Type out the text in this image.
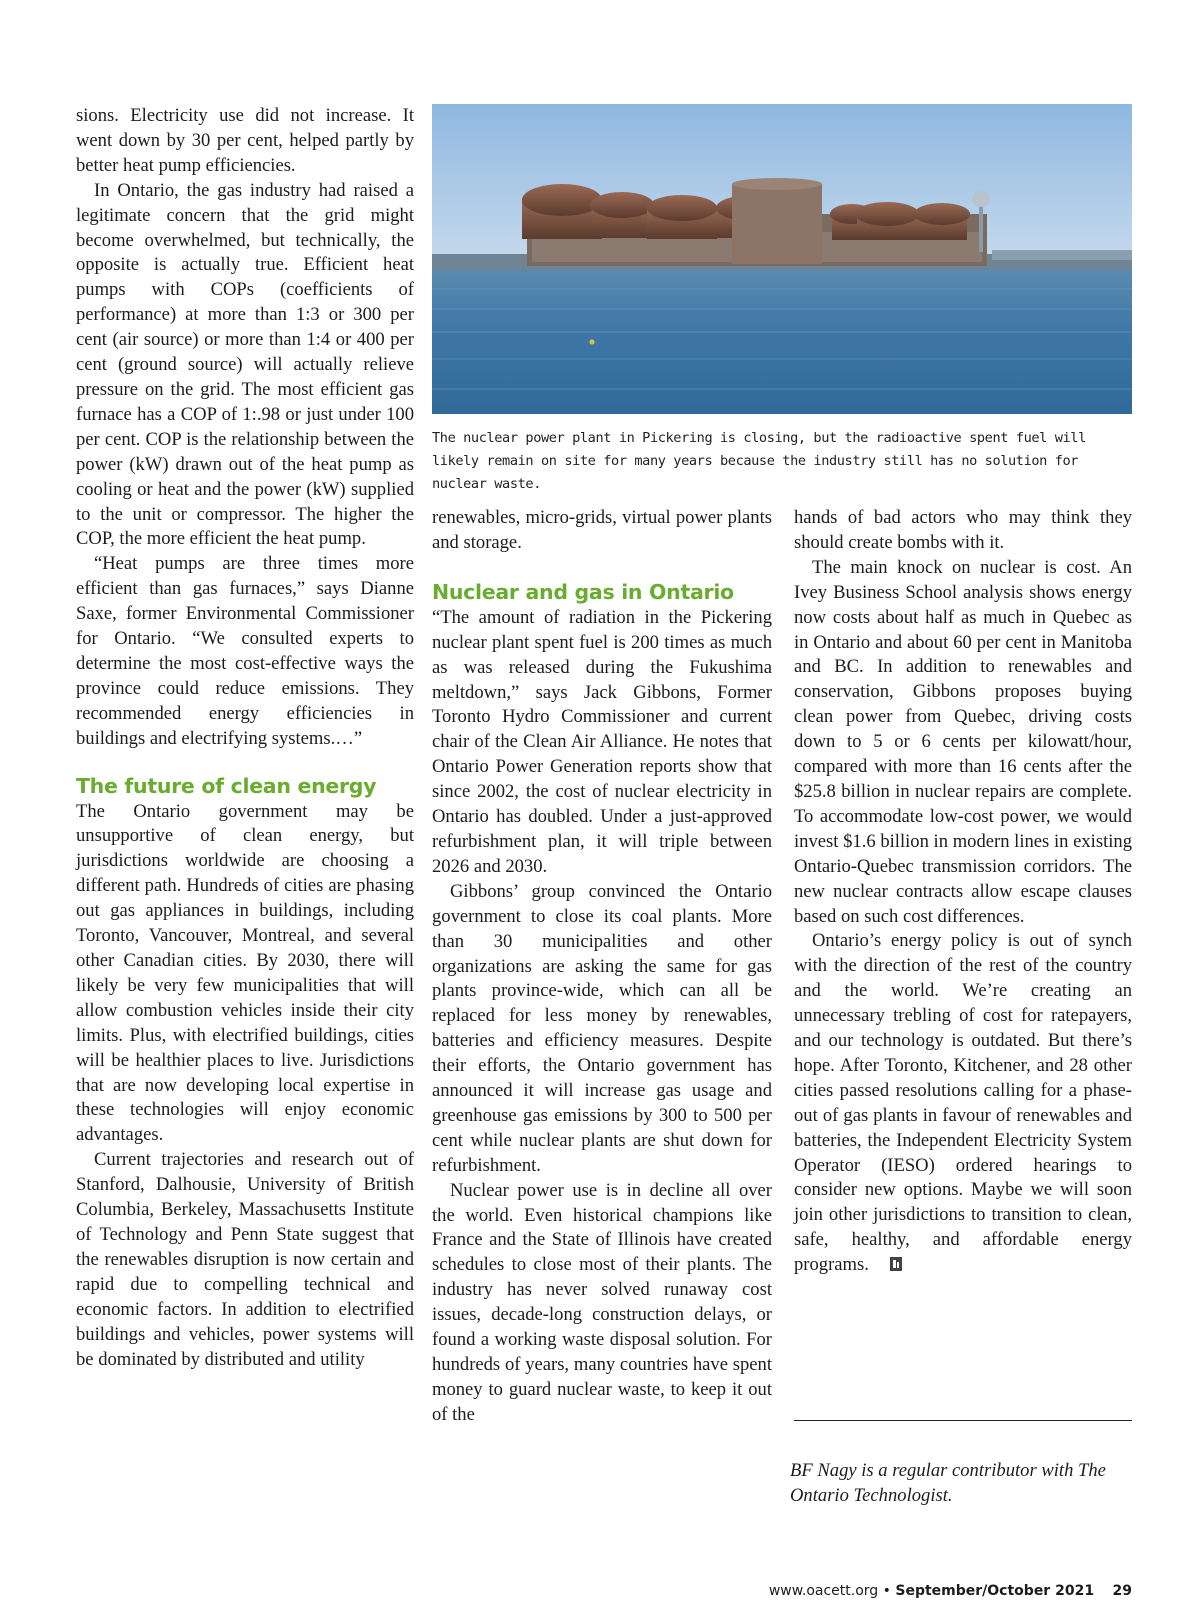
sions. Electricity use did not increase. It went down by 30 per cent, helped partly by better heat pump efficiencies.

In Ontario, the gas industry had raised a legitimate concern that the grid might become overwhelmed, but technically, the opposite is actually true. Efficient heat pumps with COPs (coefficients of performance) at more than 1:3 or 300 per cent (air source) or more than 1:4 or 400 per cent (ground source) will actually relieve pressure on the grid. The most efficient gas furnace has a COP of 1:.98 or just under 100 per cent. COP is the relationship between the power (kW) drawn out of the heat pump as cooling or heat and the power (kW) supplied to the unit or compressor. The higher the COP, the more efficient the heat pump.

“Heat pumps are three times more efficient than gas furnaces,” says Dianne Saxe, former Environmental Commissioner for Ontario. “We consulted experts to determine the most cost-effective ways the province could reduce emissions. They recommended energy efficiencies in buildings and electrifying systems.…”

The future of clean energy

The Ontario government may be unsupportive of clean energy, but jurisdictions worldwide are choosing a different path. Hundreds of cities are phasing out gas appliances in buildings, including Toronto, Vancouver, Montreal, and several other Canadian cities. By 2030, there will likely be very few municipalities that will allow combustion vehicles inside their city limits. Plus, with electrified buildings, cities will be healthier places to live. Jurisdictions that are now developing local expertise in these technologies will enjoy economic advantages.

Current trajectories and research out of Stanford, Dalhousie, University of British Columbia, Berkeley, Massachusetts Institute of Technology and Penn State suggest that the renewables disruption is now certain and rapid due to compelling technical and economic factors. In addition to electrified buildings and vehicles, power systems will be dominated by distributed and utility

The nuclear power plant in Pickering is closing, but the radioactive spent fuel will likely remain on site for many years because the industry still has no solution for nuclear waste.

renewables, micro-grids, virtual power plants and storage.

Nuclear and gas in Ontario

“The amount of radiation in the Pickering nuclear plant spent fuel is 200 times as much as was released during the Fukushima meltdown,” says Jack Gibbons, Former Toronto Hydro Commissioner and current chair of the Clean Air Alliance. He notes that Ontario Power Generation reports show that since 2002, the cost of nuclear electricity in Ontario has doubled. Under a just-approved refurbishment plan, it will triple between 2026 and 2030.

Gibbons’ group convinced the Ontario government to close its coal plants. More than 30 municipalities and other organizations are asking the same for gas plants province-wide, which can all be replaced for less money by renewables, batteries and efficiency measures. Despite their efforts, the Ontario government has announced it will increase gas usage and greenhouse gas emissions by 300 to 500 per cent while nuclear plants are shut down for refurbishment.

Nuclear power use is in decline all over the world. Even historical champions like France and the State of Illinois have created schedules to close most of their plants. The industry has never solved runaway cost issues, decade-long construction delays, or found a working waste disposal solution. For hundreds of years, many countries have spent money to guard nuclear waste, to keep it out of the

hands of bad actors who may think they should create bombs with it.

The main knock on nuclear is cost. An Ivey Business School analysis shows energy now costs about half as much in Quebec as in Ontario and about 60 per cent in Manitoba and BC. In addition to renewables and conservation, Gibbons proposes buying clean power from Quebec, driving costs down to 5 or 6 cents per kilowatt/hour, compared with more than 16 cents after the $25.8 billion in nuclear repairs are complete. To accommodate low-cost power, we would invest $1.6 billion in modern lines in existing Ontario-Quebec transmission corridors. The new nuclear contracts allow escape clauses based on such cost differences.

Ontario’s energy policy is out of synch with the direction of the rest of the country and the world. We’re creating an unnecessary trebling of cost for ratepayers, and our technology is outdated. But there’s hope. After Toronto, Kitchener, and 28 other cities passed resolutions calling for a phase-out of gas plants in favour of renewables and batteries, the Independent Electricity System Operator (IESO) ordered hearings to consider new options. Maybe we will soon join other jurisdictions to transition to clean, safe, healthy, and affordable energy programs.

BF Nagy is a regular contributor with The Ontario Technologist.
www.oacett.org • September/October 2021 29
